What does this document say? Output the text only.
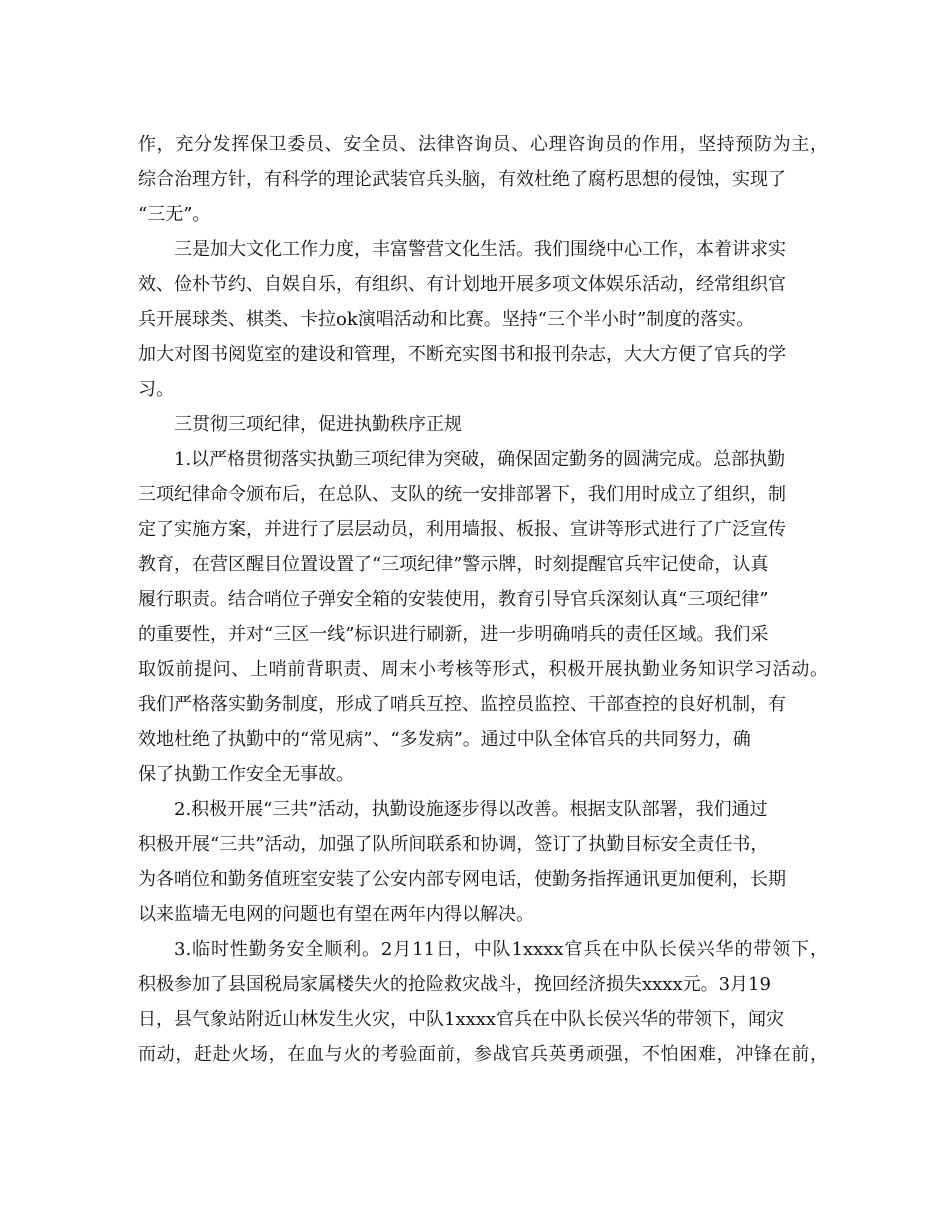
作，充分发挥保卫委员、安全员、法律咨询员、心理咨询员的作用，坚持预防为主，
综合治理方针，有科学的理论武装官兵头脑，有效杜绝了腐朽思想的侵蚀，实现了
“三无”。
三是加大文化工作力度，丰富警营文化生活。我们围绕中心工作，本着讲求实
效、俭朴节约、自娱自乐，有组织、有计划地开展多项文体娱乐活动，经常组织官
兵开展球类、棋类、卡拉ok演唱活动和比赛。坚持“三个半小时”制度的落实。
加大对图书阅览室的建设和管理，不断充实图书和报刊杂志，大大方便了官兵的学
习。
三贯彻三项纪律，促进执勤秩序正规
1.以严格贯彻落实执勤三项纪律为突破，确保固定勤务的圆满完成。总部执勤
三项纪律命令颁布后，在总队、支队的统一安排部署下，我们用时成立了组织，制
定了实施方案，并进行了层层动员，利用墙报、板报、宣讲等形式进行了广泛宣传
教育，在营区醒目位置设置了“三项纪律”警示牌，时刻提醒官兵牢记使命，认真
履行职责。结合哨位子弹安全箱的安装使用，教育引导官兵深刻认真“三项纪律”
的重要性，并对“三区一线”标识进行刷新，进一步明确哨兵的责任区域。我们采
取饭前提问、上哨前背职责、周末小考核等形式，积极开展执勤业务知识学习活动。
我们严格落实勤务制度，形成了哨兵互控、监控员监控、干部查控的良好机制，有
效地杜绝了执勤中的“常见病”、“多发病”。通过中队全体官兵的共同努力，确
保了执勤工作安全无事故。
2.积极开展“三共”活动，执勤设施逐步得以改善。根据支队部署，我们通过
积极开展“三共”活动，加强了队所间联系和协调，签订了执勤目标安全责任书，
为各哨位和勤务值班室安装了公安内部专网电话，使勤务指挥通讯更加便利，长期
以来监墙无电网的问题也有望在两年内得以解决。
3.临时性勤务安全顺利。2月11日，中队1xxxx官兵在中队长侯兴华的带领下，
积极参加了县国税局家属楼失火的抢险救灾战斗，挽回经济损失xxxx元。3月19
日，县气象站附近山林发生火灾，中队1xxxx官兵在中队长侯兴华的带领下，闻灾
而动，赶赴火场，在血与火的考验面前，参战官兵英勇顽强，不怕困难，冲锋在前，
